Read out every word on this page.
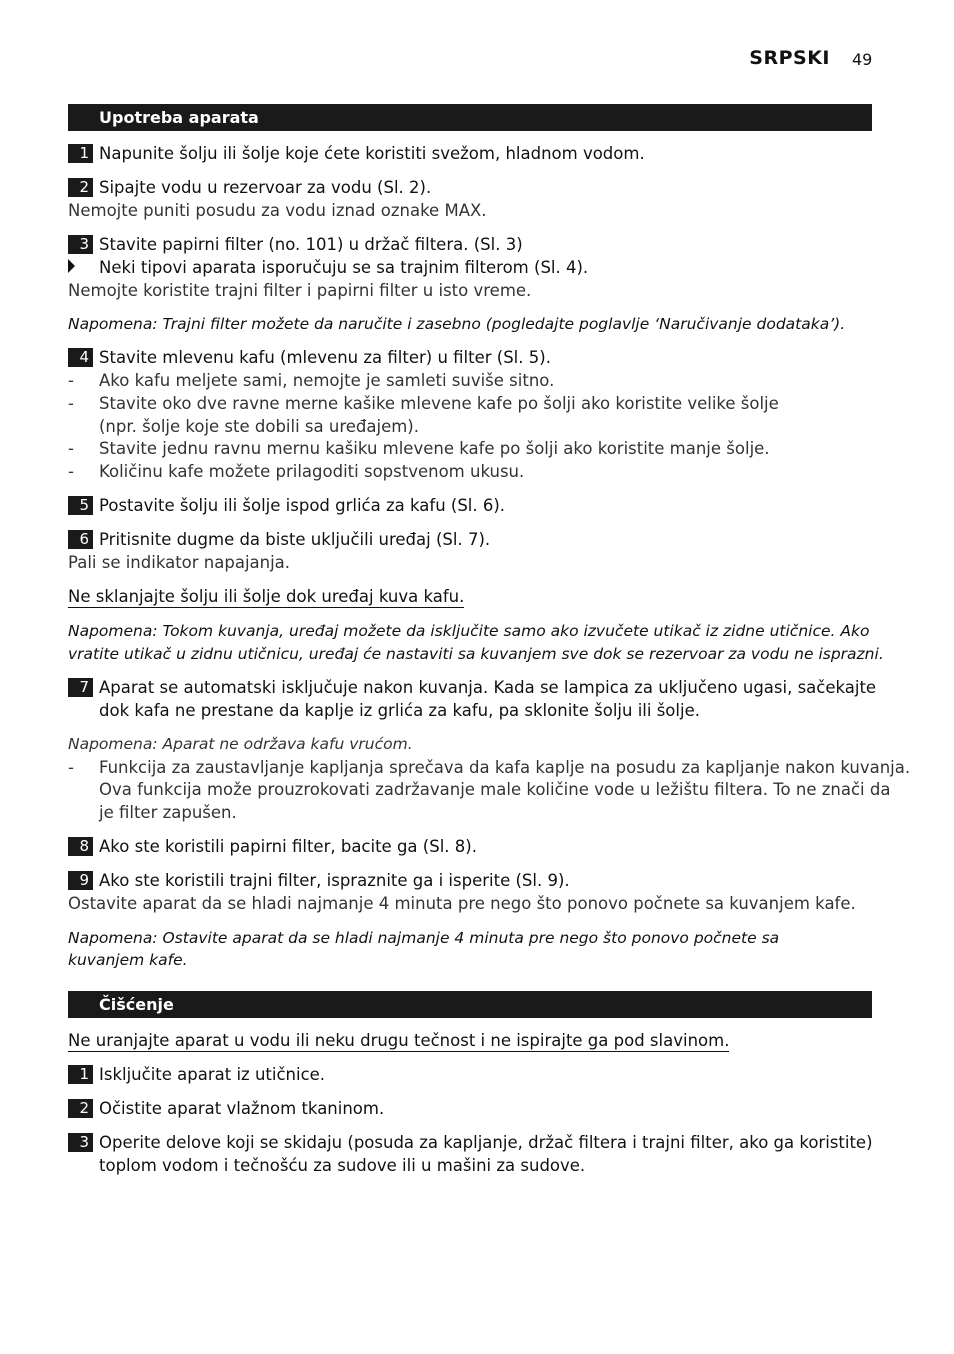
SRPSKI 49
Upotreba aparata
1 Napunite šolju ili šolje koje ćete koristiti svežom, hladnom vodom.
2 Sipajte vodu u rezervoar za vodu (Sl. 2).
Nemojte puniti posudu za vodu iznad oznake MAX.
3 Stavite papirni filter (no. 101) u držač filtera. (Sl. 3)
Neki tipovi aparata isporučuju se sa trajnim filterom (Sl. 4).
Nemojte koristite trajni filter i papirni filter u isto vreme.
Napomena: Trajni filter možete da naručite i zasebno (pogledajte poglavlje ‘Naručivanje dodataka’).
4 Stavite mlevenu kafu (mlevenu za filter) u filter (Sl. 5).
- Ako kafu meljete sami, nemojte je samleti suviše sitno.
- Stavite oko dve ravne merne kašike mlevene kafe po šolji ako koristite velike šolje
(npr. šolje koje ste dobili sa uređajem).
- Stavite jednu ravnu mernu kašiku mlevene kafe po šolji ako koristite manje šolje.
- Količinu kafe možete prilagoditi sopstvenom ukusu.
5 Postavite šolju ili šolje ispod grlića za kafu (Sl. 6).
6 Pritisnite dugme da biste uključili uređaj (Sl. 7).
Pali se indikator napajanja.
Ne sklanjajte šolju ili šolje dok uređaj kuva kafu.
Napomena: Tokom kuvanja, uređaj možete da isključite samo ako izvučete utikač iz zidne utičnice. Ako
vratite utikač u zidnu utičnicu, uređaj će nastaviti sa kuvanjem sve dok se rezervoar za vodu ne isprazni.
7 Aparat se automatski isključuje nakon kuvanja. Kada se lampica za uključeno ugasi, sačekajte
dok kafa ne prestane da kaplje iz grlića za kafu, pa sklonite šolju ili šolje.
Napomena: Aparat ne održava kafu vrućom.
- Funkcija za zaustavljanje kapljanja sprečava da kafa kaplje na posudu za kapljanje nakon kuvanja.
Ova funkcija može prouzrokovati zadržavanje male količine vode u ležištu filtera. To ne znači da
je filter zapušen.
8 Ako ste koristili papirni filter, bacite ga (Sl. 8).
9 Ako ste koristili trajni filter, ispraznite ga i isperite (Sl. 9).
Ostavite aparat da se hladi najmanje 4 minuta pre nego što ponovo počnete sa kuvanjem kafe.
Napomena: Ostavite aparat da se hladi najmanje 4 minuta pre nego što ponovo počnete sa
kuvanjem kafe.
Čišćenje
Ne uranjajte aparat u vodu ili neku drugu tečnost i ne ispirajte ga pod slavinom.
1 Isključite aparat iz utičnice.
2 Očistite aparat vlažnom tkaninom.
3 Operite delove koji se skidaju (posuda za kapljanje, držač filtera i trajni filter, ako ga koristite)
toplom vodom i tečnošću za sudove ili u mašini za sudove.
